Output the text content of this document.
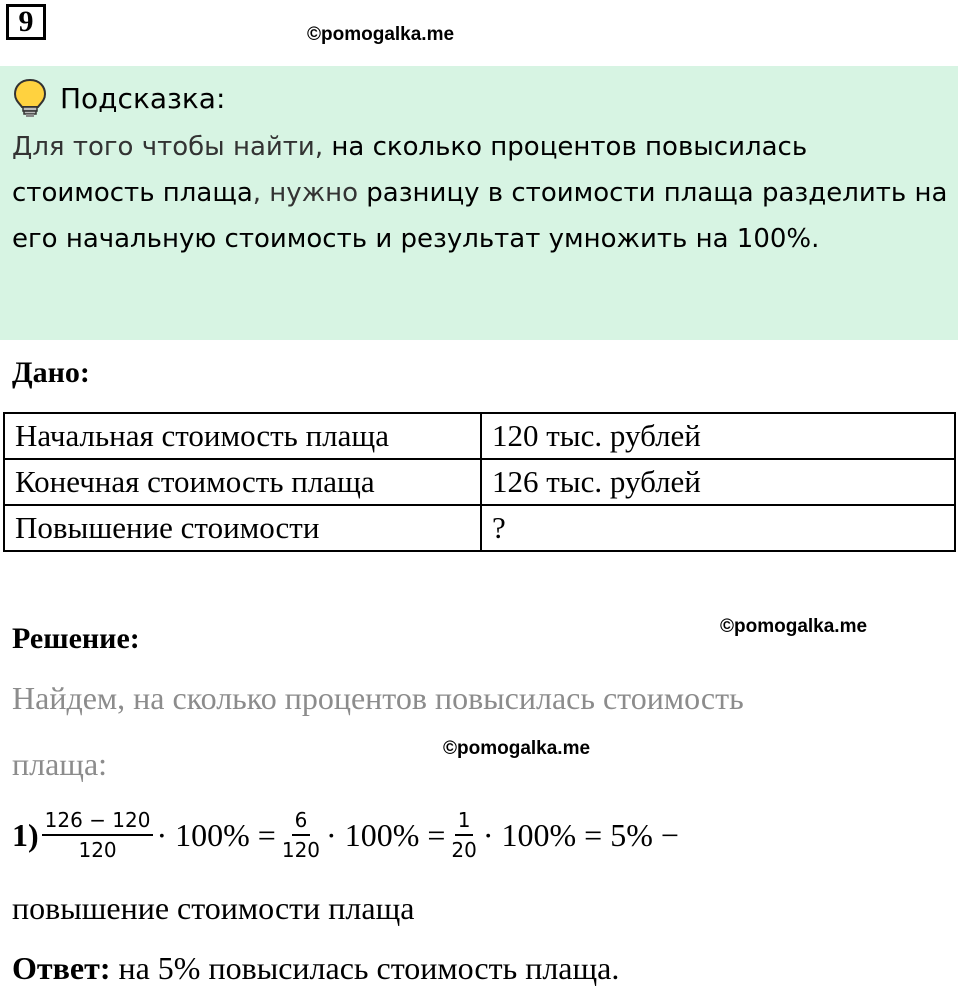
9	©pomogalka.me
Подсказка:
Для того чтобы найти, на сколько процентов повысилась стоимость плаща, нужно разницу в стоимости плаща разделить на его начальную стоимость и результат умножить на 100%.
Дано:
Начальная стоимость плаща	120 тыс. рублей
Конечная стоимость плаща	126 тыс. рублей
Повышение стоимости	?
Решение:	©pomogalka.me
Найдем, на сколько процентов повысилась стоимость
©pomogalka.me
плаща:
$1) \frac{126 - 120}{120} \cdot 100\% = \frac{6}{120} \cdot 100\% = \frac{1}{20} \cdot 100\% = 5\%$ −
повышение стоимости плаща
Ответ: на 5% повысилась стоимость плаща.
